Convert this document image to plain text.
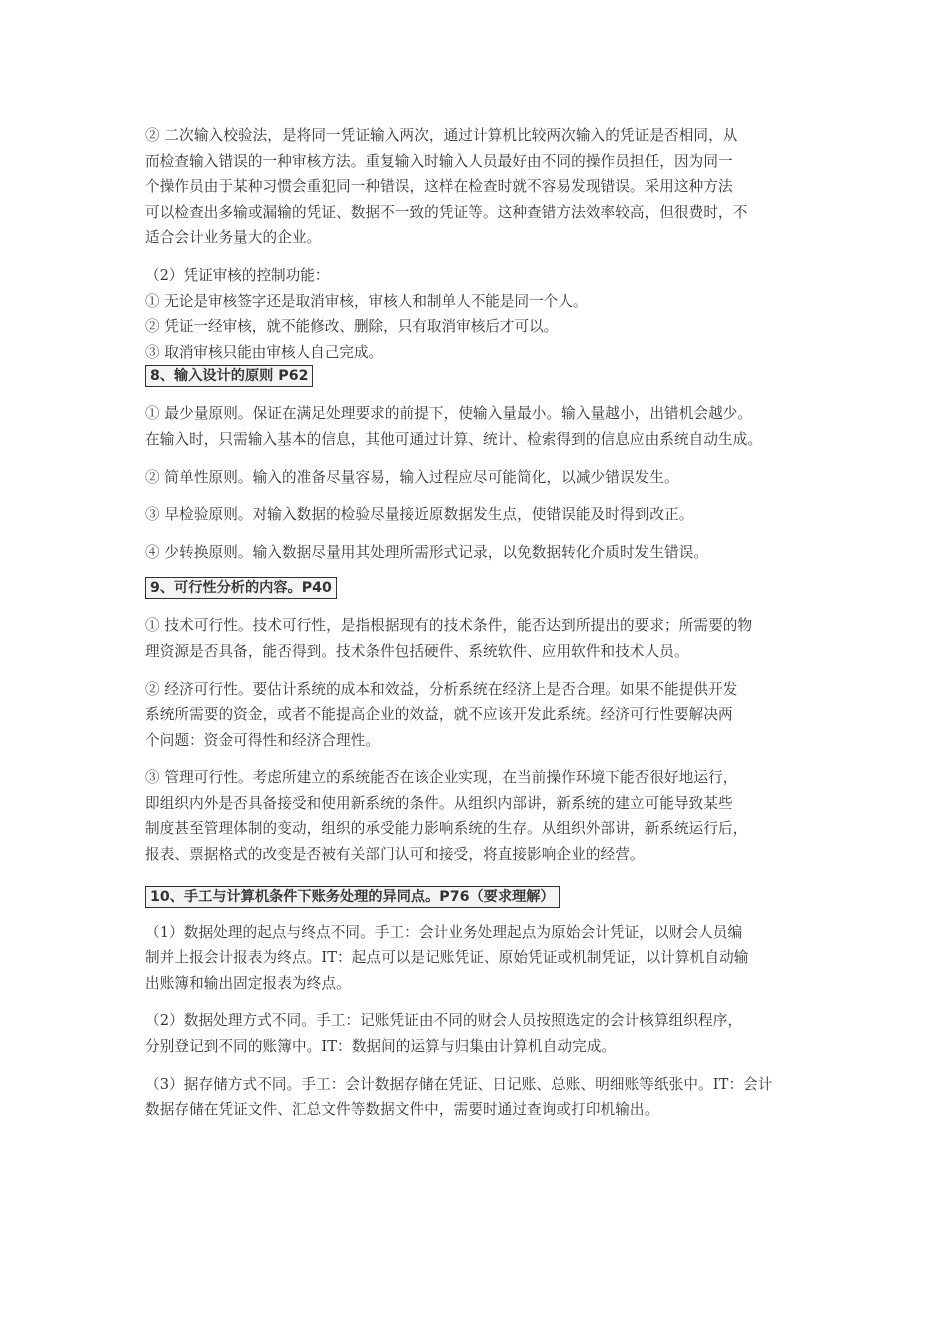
② 二次输入校验法，是将同一凭证输入两次，通过计算机比较两次输入的凭证是否相同，从
而检查输入错误的一种审核方法。重复输入时输入人员最好由不同的操作员担任，因为同一
个操作员由于某种习惯会重犯同一种错误，这样在检查时就不容易发现错误。采用这种方法
可以检查出多输或漏输的凭证、数据不一致的凭证等。这种查错方法效率较高，但很费时，不
适合会计业务量大的企业。
（2）凭证审核的控制功能：
① 无论是审核签字还是取消审核，审核人和制单人不能是同一个人。
② 凭证一经审核，就不能修改、删除，只有取消审核后才可以。
③ 取消审核只能由审核人自己完成。
8、输入设计的原则 P62
① 最少量原则。保证在满足处理要求的前提下，使输入量最小。输入量越小，出错机会越少。
在输入时，只需输入基本的信息，其他可通过计算、统计、检索得到的信息应由系统自动生成。
② 简单性原则。输入的准备尽量容易，输入过程应尽可能简化，以减少错误发生。
③ 早检验原则。对输入数据的检验尽量接近原数据发生点，使错误能及时得到改正。
④ 少转换原则。输入数据尽量用其处理所需形式记录，以免数据转化介质时发生错误。
9、可行性分析的内容。P40
① 技术可行性。技术可行性，是指根据现有的技术条件，能否达到所提出的要求；所需要的物
理资源是否具备，能否得到。技术条件包括硬件、系统软件、应用软件和技术人员。
② 经济可行性。要估计系统的成本和效益，分析系统在经济上是否合理。如果不能提供开发
系统所需要的资金，或者不能提高企业的效益，就不应该开发此系统。经济可行性要解决两
个问题：资金可得性和经济合理性。
③ 管理可行性。考虑所建立的系统能否在该企业实现，在当前操作环境下能否很好地运行，
即组织内外是否具备接受和使用新系统的条件。从组织内部讲，新系统的建立可能导致某些
制度甚至管理体制的变动，组织的承受能力影响系统的生存。从组织外部讲，新系统运行后，
报表、票据格式的改变是否被有关部门认可和接受，将直接影响企业的经营。
10、手工与计算机条件下账务处理的异同点。P76（要求理解）
（1）数据处理的起点与终点不同。手工：会计业务处理起点为原始会计凭证，以财会人员编
制并上报会计报表为终点。IT：起点可以是记账凭证、原始凭证或机制凭证，以计算机自动输
出账簿和输出固定报表为终点。
（2）数据处理方式不同。手工：记账凭证由不同的财会人员按照选定的会计核算组织程序，
分别登记到不同的账簿中。IT：数据间的运算与归集由计算机自动完成。
（3）据存储方式不同。手工：会计数据存储在凭证、日记账、总账、明细账等纸张中。IT：会计
数据存储在凭证文件、汇总文件等数据文件中，需要时通过查询或打印机输出。
